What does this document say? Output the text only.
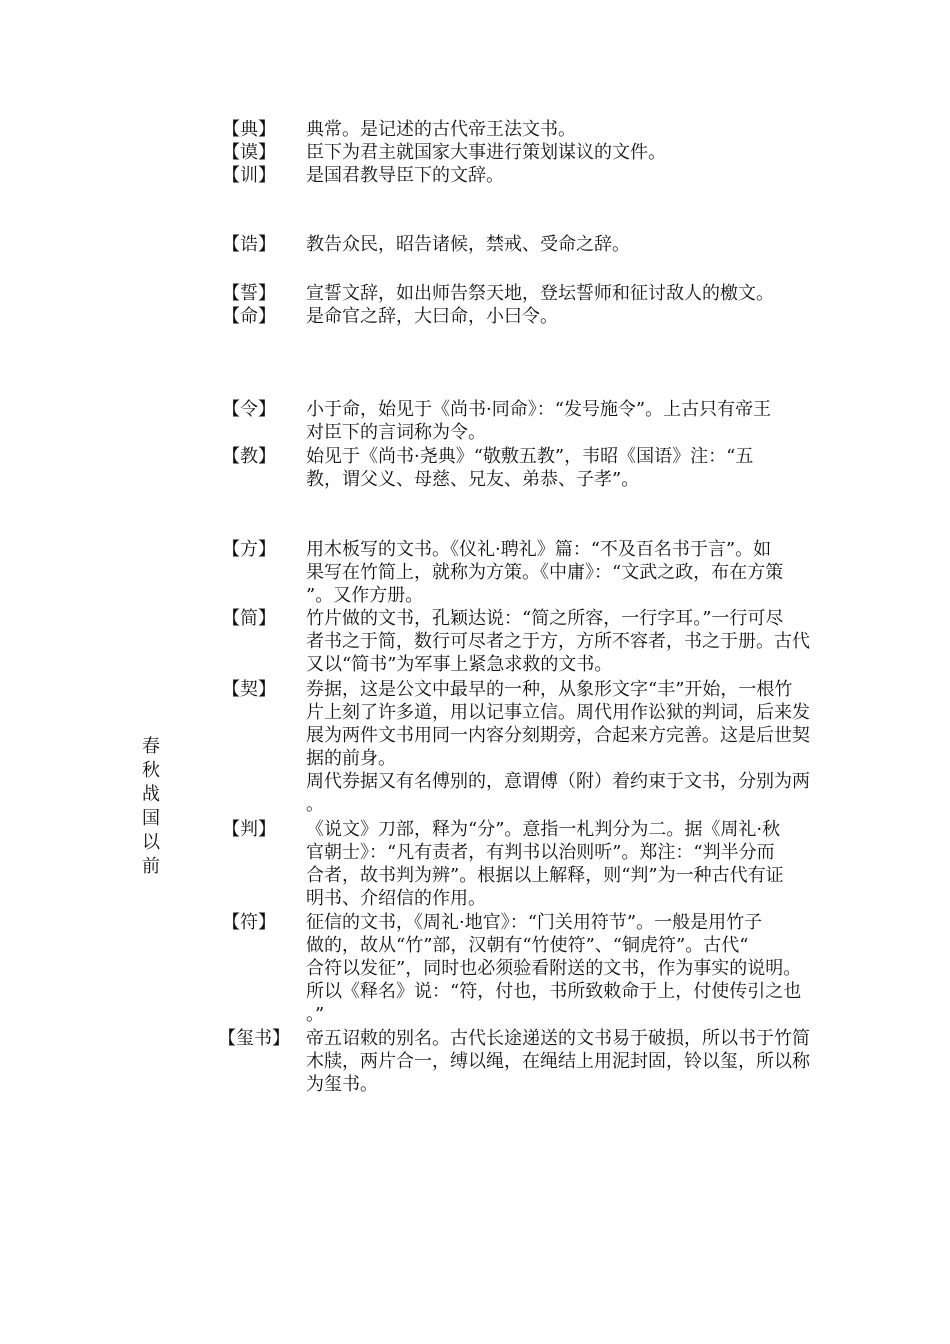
春
秋
战
国
以
前
【典】	典常。是记述的古代帝王法文书。
【谟】	臣下为君主就国家大事进行策划谋议的文件。
【训】	是国君教导臣下的文辞。
【诰】	教告众民，昭告诸候，禁戒、受命之辞。
【誓】	宣誓文辞，如出师告祭天地，登坛誓师和征讨敌人的檄文。
【命】	是命官之辞，大曰命，小曰令。
【令】	小于命，始见于《尚书·同命》：“发号施令”。上古只有帝王
对臣下的言词称为令。
【教】	始见于《尚书·尧典》“敬敷五教”，韦昭《国语》注：“五
教，谓父义、母慈、兄友、弟恭、子孝”。
【方】	用木板写的文书。《仪礼·聘礼》篇：“不及百名书于言”。如
果写在竹简上，就称为方策。《中庸》：“文武之政，布在方策
”。又作方册。
【简】	竹片做的文书，孔颖达说：“简之所容，一行字耳。”一行可尽
者书之于简，数行可尽者之于方，方所不容者，书之于册。古代
又以“简书”为军事上紧急求救的文书。
【契】	券据，这是公文中最早的一种，从象形文字“丰”开始，一根竹
片上刻了许多道，用以记事立信。周代用作讼狱的判词，后来发
展为两件文书用同一内容分刻期旁，合起来方完善。这是后世契
据的前身。
周代券据又有名傅别的，意谓傅（附）着约束于文书，分别为两
。
【判】	《说文》刀部，释为“分”。意指一札判分为二。据《周礼·秋
官朝士》：“凡有责者，有判书以治则听”。郑注：“判半分而
合者，故书判为辨”。根据以上解释，则“判”为一种古代有证
明书、介绍信的作用。
【符】	征信的文书，《周礼·地官》：“门关用符节”。一般是用竹子
做的，故从“竹”部，汉朝有“竹使符”、“铜虎符”。古代“
合符以发征”，同时也必须验看附送的文书，作为事实的说明。
所以《释名》说：“符，付也，书所致敕命于上，付使传引之也
。”
【玺书】 帝五诏敕的别名。古代长途递送的文书易于破损，所以书于竹简
木牍，两片合一，缚以绳，在绳结上用泥封固，铃以玺，所以称
为玺书。
